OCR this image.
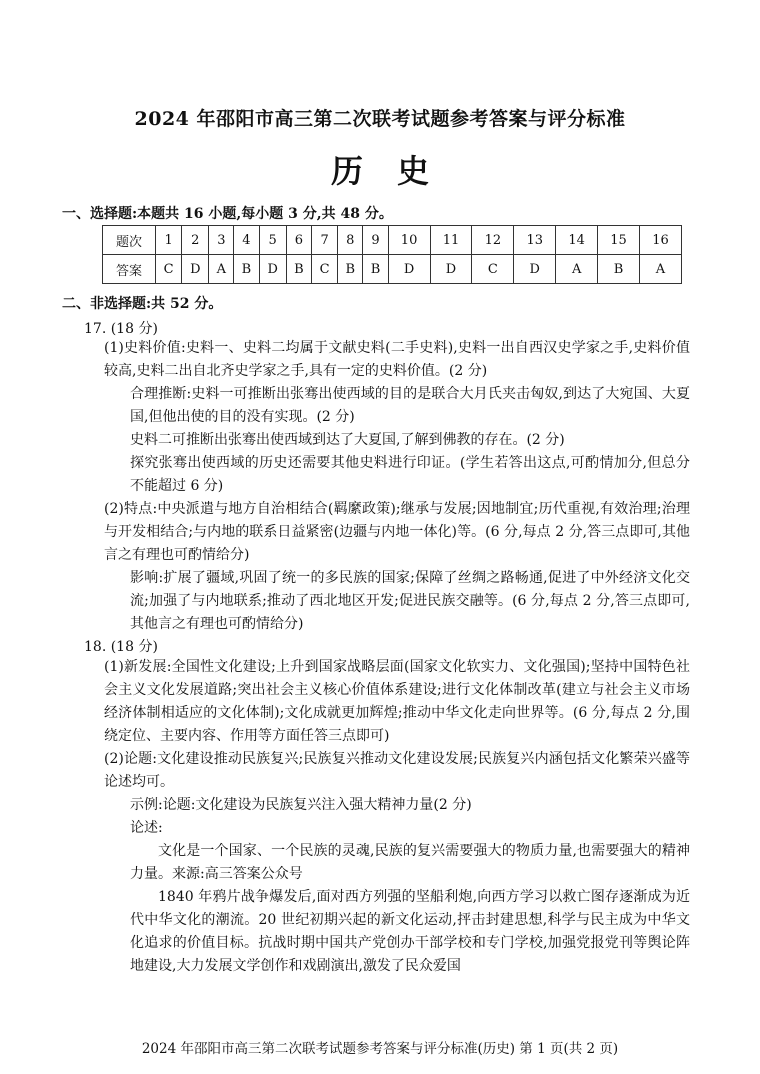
2024 年邵阳市高三第二次联考试题参考答案与评分标准
历史
一、选择题:本题共 16 小题,每小题 3 分,共 48 分。
题次	1	2	3	4	5	6	7	8	9	10	11	12	13	14	15	16
答案	C	D	A	B	D	B	C	B	B	D	D	C	D	A	B	A
二、非选择题:共 52 分。
17. (18 分)
(1)史料价值:史料一、史料二均属于文献史料(二手史料),史料一出自西汉史学家之手,史料价值较高,史料二出自北齐史学家之手,具有一定的史料价值。(2 分)
合理推断:史料一可推断出张骞出使西域的目的是联合大月氏夹击匈奴,到达了大宛国、大夏国,但他出使的目的没有实现。(2 分)
史料二可推断出张骞出使西域到达了大夏国,了解到佛教的存在。(2 分)
探究张骞出使西域的历史还需要其他史料进行印证。(学生若答出这点,可酌情加分,但总分不能超过 6 分)
(2)特点:中央派遣与地方自治相结合(羁縻政策);继承与发展;因地制宜;历代重视,有效治理;治理与开发相结合;与内地的联系日益紧密(边疆与内地一体化)等。(6 分,每点 2 分,答三点即可,其他言之有理也可酌情给分)
影响:扩展了疆域,巩固了统一的多民族的国家;保障了丝绸之路畅通,促进了中外经济文化交流;加强了与内地联系;推动了西北地区开发;促进民族交融等。(6 分,每点 2 分,答三点即可,其他言之有理也可酌情给分)
18. (18 分)
(1)新发展:全国性文化建设;上升到国家战略层面(国家文化软实力、文化强国);坚持中国特色社会主义文化发展道路;突出社会主义核心价值体系建设;进行文化体制改革(建立与社会主义市场经济体制相适应的文化体制);文化成就更加辉煌;推动中华文化走向世界等。(6 分,每点 2 分,围绕定位、主要内容、作用等方面任答三点即可)
(2)论题:文化建设推动民族复兴;民族复兴推动文化建设发展;民族复兴内涵包括文化繁荣兴盛等论述均可。
示例:论题:文化建设为民族复兴注入强大精神力量(2 分)
论述:
文化是一个国家、一个民族的灵魂,民族的复兴需要强大的物质力量,也需要强大的精神力量。来源:高三答案公众号
1840 年鸦片战争爆发后,面对西方列强的坚船利炮,向西方学习以救亡图存逐渐成为近代中华文化的潮流。20 世纪初期兴起的新文化运动,抨击封建思想,科学与民主成为中华文化追求的价值目标。抗战时期中国共产党创办干部学校和专门学校,加强党报党刊等舆论阵地建设,大力发展文学创作和戏剧演出,激发了民众爱国
2024 年邵阳市高三第二次联考试题参考答案与评分标准(历史) 第 1 页(共 2 页)
